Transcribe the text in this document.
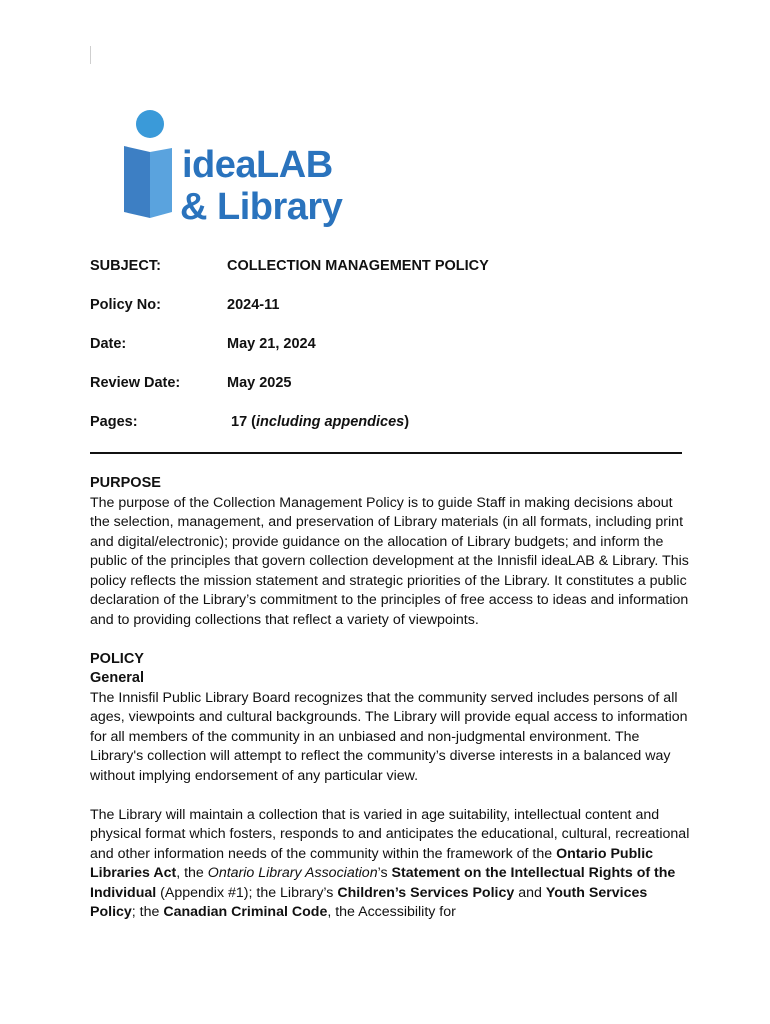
ideaLAB
& Library
SUBJECT:	COLLECTION MANAGEMENT POLICY
Policy No:	2024-11
Date:	May 21, 2024
Review Date:	May 2025
Pages:	17 (including appendices)

PURPOSE

The purpose of the Collection Management Policy is to guide Staff in making decisions about the selection, management, and preservation of Library materials (in all formats, including print and digital/electronic); provide guidance on the allocation of Library budgets; and inform the public of the principles that govern collection development at the Innisfil ideaLAB & Library. This policy reflects the mission statement and strategic priorities of the Library. It constitutes a public declaration of the Library’s commitment to the principles of free access to ideas and information and to providing collections that reflect a variety of viewpoints.

POLICY

General

The Innisfil Public Library Board recognizes that the community served includes persons of all ages, viewpoints and cultural backgrounds. The Library will provide equal access to information for all members of the community in an unbiased and non-judgmental environment. The Library's collection will attempt to reflect the community’s diverse interests in a balanced way without implying endorsement of any particular view.

The Library will maintain a collection that is varied in age suitability, intellectual content and physical format which fosters, responds to and anticipates the educational, cultural, recreational and other information needs of the community within the framework of the Ontario Public Libraries Act, the Ontario Library Association’s Statement on the Intellectual Rights of the Individual (Appendix #1); the Library’s Children’s Services Policy and Youth Services Policy; the Canadian Criminal Code, the Accessibility for
